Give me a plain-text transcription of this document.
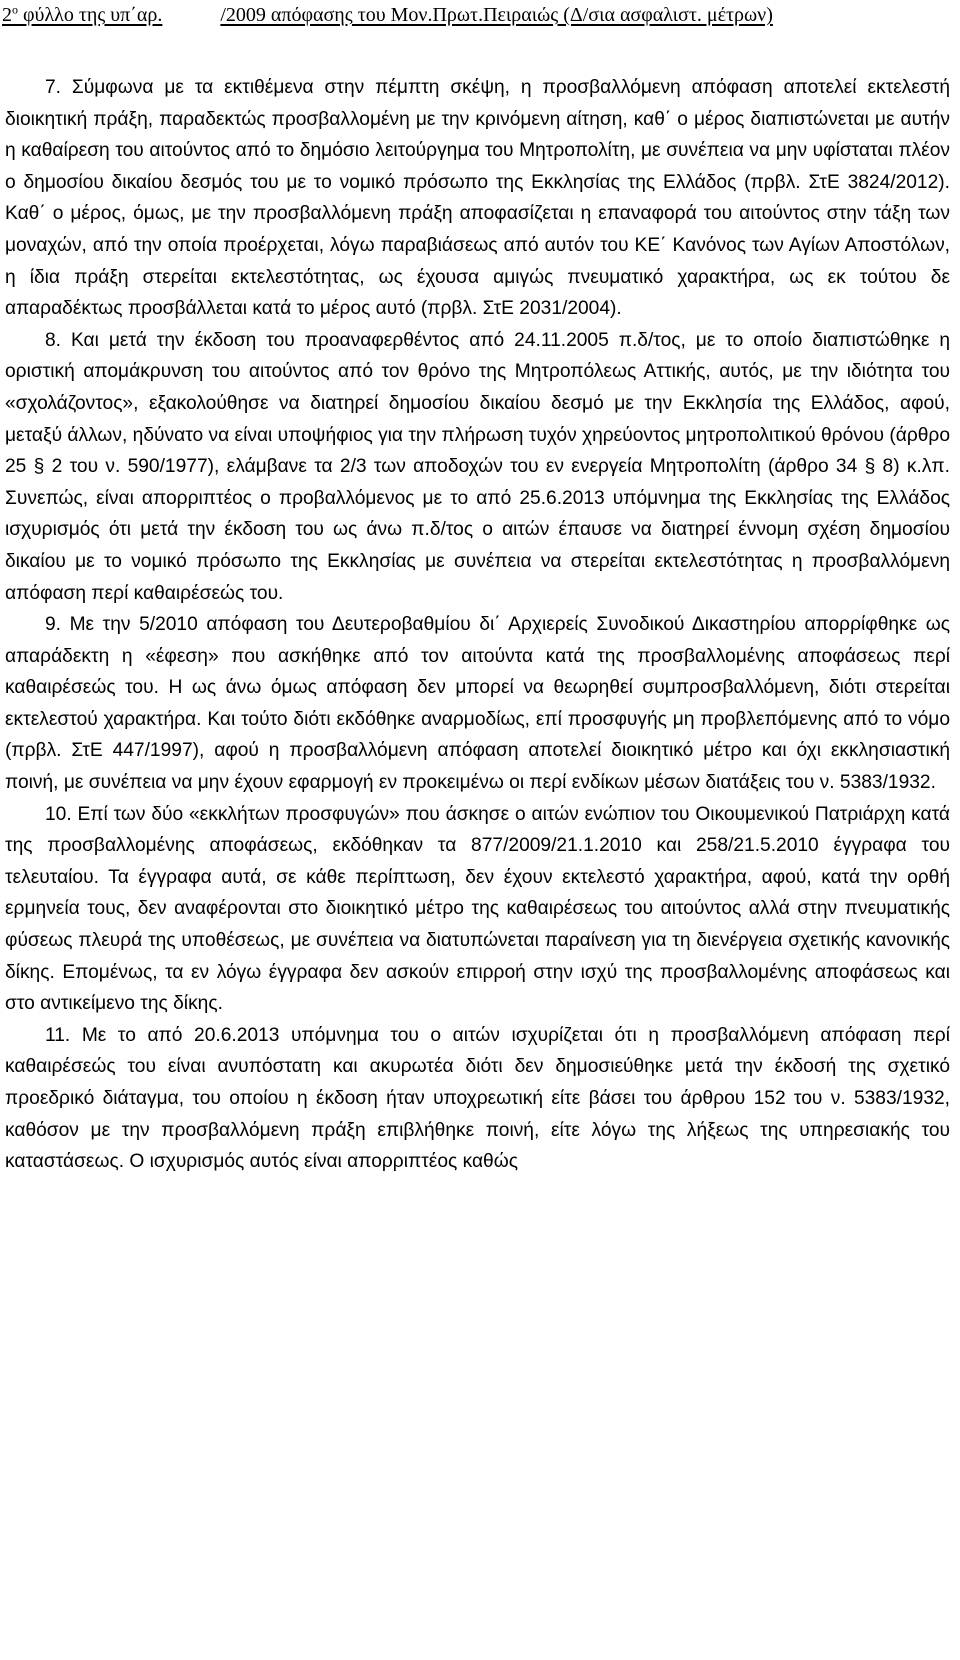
$2^o$ φύλλο της υπ΄αρ.	/2009 απόφασης του Μον.Πρωτ.Πειραιώς (Δ/σια ασφαλιστ. μέτρων)

7. Σύμφωνα με τα εκτιθέμενα στην πέμπτη σκέψη, η προσβαλλόμενη απόφαση αποτελεί εκτελεστή διοικητική πράξη, παραδεκτώς προσβαλλομένη με την κρινόμενη αίτηση, καθ΄ ο μέρος διαπιστώνεται με αυτήν η καθαίρεση του αιτούντος από το δημόσιο λειτούργημα του Μητροπολίτη, με συνέπεια να μην υφίσταται πλέον ο δημοσίου δικαίου δεσμός του με το νομικό πρόσωπο της Εκκλησίας της Ελλάδος (πρβλ. ΣτΕ 3824/2012). Καθ΄ ο μέρος, όμως, με την προσβαλλόμενη πράξη αποφασίζεται η επαναφορά του αιτούντος στην τάξη των μοναχών, από την οποία προέρχεται, λόγω παραβιάσεως από αυτόν του ΚΕ΄ Κανόνος των Αγίων Αποστόλων, η ίδια πράξη στερείται εκτελεστότητας, ως έχουσα αμιγώς πνευματικό χαρακτήρα, ως εκ τούτου δε απαραδέκτως προσβάλλεται κατά το μέρος αυτό (πρβλ. ΣτΕ 2031/2004).

8. Και μετά την έκδοση του προαναφερθέντος από 24.11.2005 π.δ/τος, με το οποίο διαπιστώθηκε η οριστική απομάκρυνση του αιτούντος από τον θρόνο της Μητροπόλεως Αττικής, αυτός, με την ιδιότητα του «σχολάζοντος», εξακολούθησε να διατηρεί δημοσίου δικαίου δεσμό με την Εκκλησία της Ελλάδος, αφού, μεταξύ άλλων, ηδύνατο να είναι υποψήφιος για την πλήρωση τυχόν χηρεύοντος μητροπολιτικού θρόνου (άρθρο 25 § 2 του ν. 590/1977), ελάμβανε τα 2/3 των αποδοχών του εν ενεργεία Μητροπολίτη (άρθρο 34 § 8) κ.λπ. Συνεπώς, είναι απορριπτέος ο προβαλλόμενος με το από 25.6.2013 υπόμνημα της Εκκλησίας της Ελλάδος ισχυρισμός ότι μετά την έκδοση του ως άνω π.δ/τος ο αιτών έπαυσε να διατηρεί έννομη σχέση δημοσίου δικαίου με το νομικό πρόσωπο της Εκκλησίας με συνέπεια να στερείται εκτελεστότητας η προσβαλλόμενη απόφαση περί καθαιρέσεώς του.

9. Με την 5/2010 απόφαση του Δευτεροβαθμίου δι΄ Αρχιερείς Συνοδικού Δικαστηρίου απορρίφθηκε ως απαράδεκτη η «έφεση» που ασκήθηκε από τον αιτούντα κατά της προσβαλλομένης αποφάσεως περί καθαιρέσεώς του. Η ως άνω όμως απόφαση δεν μπορεί να θεωρηθεί συμπροσβαλλόμενη, διότι στερείται εκτελεστού χαρακτήρα. Και τούτο διότι εκδόθηκε αναρμοδίως, επί προσφυγής μη προβλεπόμενης από το νόμο (πρβλ. ΣτΕ 447/1997), αφού η προσβαλλόμενη απόφαση αποτελεί διοικητικό μέτρο και όχι εκκλησιαστική ποινή, με συνέπεια να μην έχουν εφαρμογή εν προκειμένω οι περί ενδίκων μέσων διατάξεις του ν. 5383/1932.

10. Επί των δύο «εκκλήτων προσφυγών» που άσκησε ο αιτών ενώπιον του Οικουμενικού Πατριάρχη κατά της προσβαλλομένης αποφάσεως, εκδόθηκαν τα 877/2009/21.1.2010 και 258/21.5.2010 έγγραφα του τελευταίου. Τα έγγραφα αυτά, σε κάθε περίπτωση, δεν έχουν εκτελεστό χαρακτήρα, αφού, κατά την ορθή ερμηνεία τους, δεν αναφέρονται στο διοικητικό μέτρο της καθαιρέσεως του αιτούντος αλλά στην πνευματικής φύσεως πλευρά της υποθέσεως, με συνέπεια να διατυπώνεται παραίνεση για τη διενέργεια σχετικής κανονικής δίκης. Επομένως, τα εν λόγω έγγραφα δεν ασκούν επιρροή στην ισχύ της προσβαλλομένης αποφάσεως και στο αντικείμενο της δίκης.

11. Με το από 20.6.2013 υπόμνημα του ο αιτών ισχυρίζεται ότι η προσβαλλόμενη απόφαση περί καθαιρέσεώς του είναι ανυπόστατη και ακυρωτέα διότι δεν δημοσιεύθηκε μετά την έκδοσή της σχετικό προεδρικό διάταγμα, του οποίου η έκδοση ήταν υποχρεωτική είτε βάσει του άρθρου 152 του ν. 5383/1932, καθόσον με την προσβαλλόμενη πράξη επιβλήθηκε ποινή, είτε λόγω της λήξεως της υπηρεσιακής του καταστάσεως. Ο ισχυρισμός αυτός είναι απορριπτέος καθώς
